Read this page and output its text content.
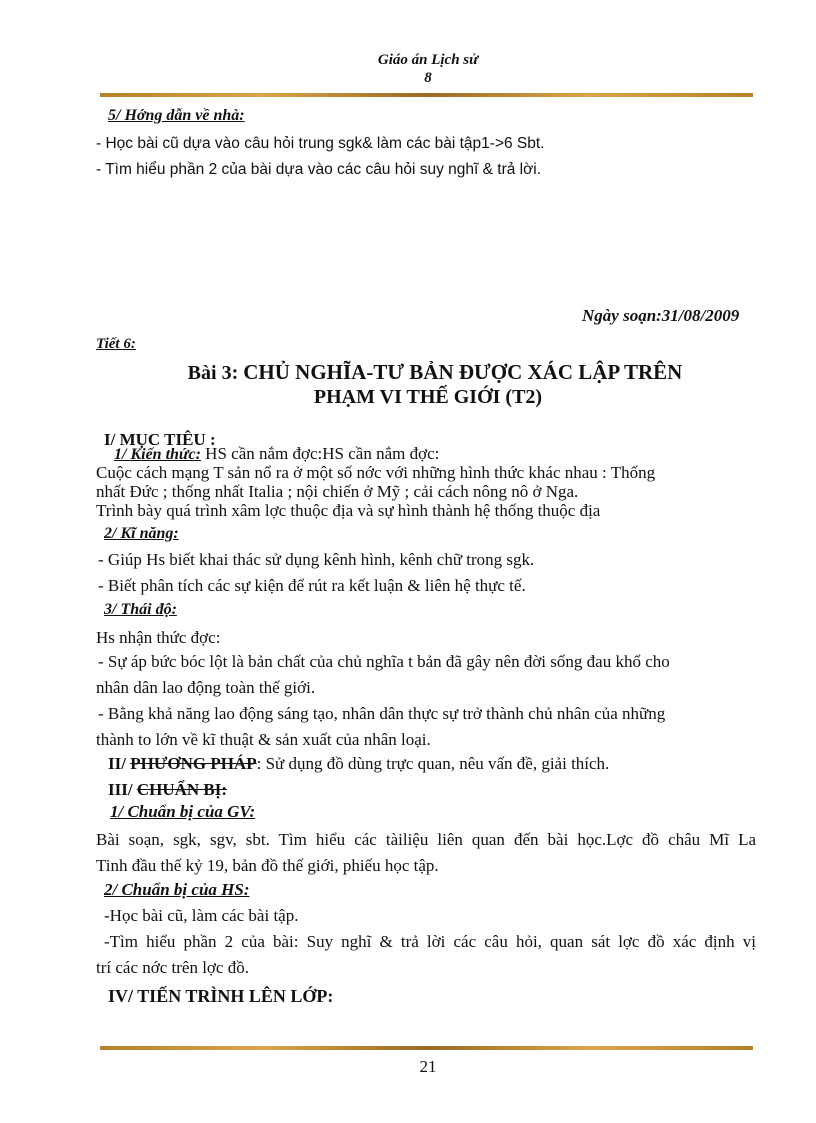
Giáo án Lịch sử
8
5/ Hớng dẫn về nhà:
- Học bài cũ dựa vào câu hỏi trung sgk& làm các bài tập1->6 Sbt.
- Tìm hiểu phần 2 của bài dựa vào các câu hỏi suy nghĩ & trả lời.
Ngày soạn:31/08/2009
Tiết 6:
Bài 3: CHỦ NGHĨA-TƯ BẢN ĐƯỢC XÁC LẬP TRÊN
PHẠM VI THẾ GIỚI (T2)
I/ MỤC TIÊU :
1/ Kiến thức: HS cần nắm đợc:HS cần nắm đợc:
Cuộc cách mạng T sản nổ ra ở một số nớc với những hình thức khác nhau : Thống
nhất Đức ; thống nhất Italia ; nội chiến ở Mỹ ; cải cách nông nô ở Nga.
Trình bày quá trình xâm lợc thuộc địa và sự hình thành hệ thống thuộc địa
2/ Kĩ năng:
- Giúp Hs biết khai thác sử dụng kênh hình, kênh chữ trong sgk.
- Biết phân tích các sự kiện để rút ra kết luận & liên hệ thực tế.
3/ Thái độ:
Hs nhận thức đợc:
- Sự áp bức bóc lột là bản chất của chủ nghĩa t bản đã gây nên đời sống đau khổ cho
nhân dân lao động toàn thế giới.
- Bằng khả năng lao động sáng tạo, nhân dân thực sự trở thành chủ nhân của những
thành to lớn về kĩ thuật & sản xuất của nhân loại.
II/ PHƯƠNG PHÁP: Sử dụng đồ dùng trực quan, nêu vấn đề, giải thích.
III/ CHUẨN BỊ:
1/ Chuẩn bị của GV:
Bài soạn, sgk, sgv, sbt. Tìm hiểu các tàiliệu liên quan đến bài học.Lợc đồ châu Mĩ La
Tinh đầu thế kỷ 19, bản đồ thế giới, phiếu học tập.
2/ Chuẩn bị của HS:
-Học bài cũ, làm các bài tập.
-Tìm hiểu phần 2 của bài: Suy nghĩ & trả lời các câu hỏi, quan sát lợc đồ xác định vị
trí các nớc trên lợc đồ.
IV/ TIẾN TRÌNH LÊN LỚP:
21
